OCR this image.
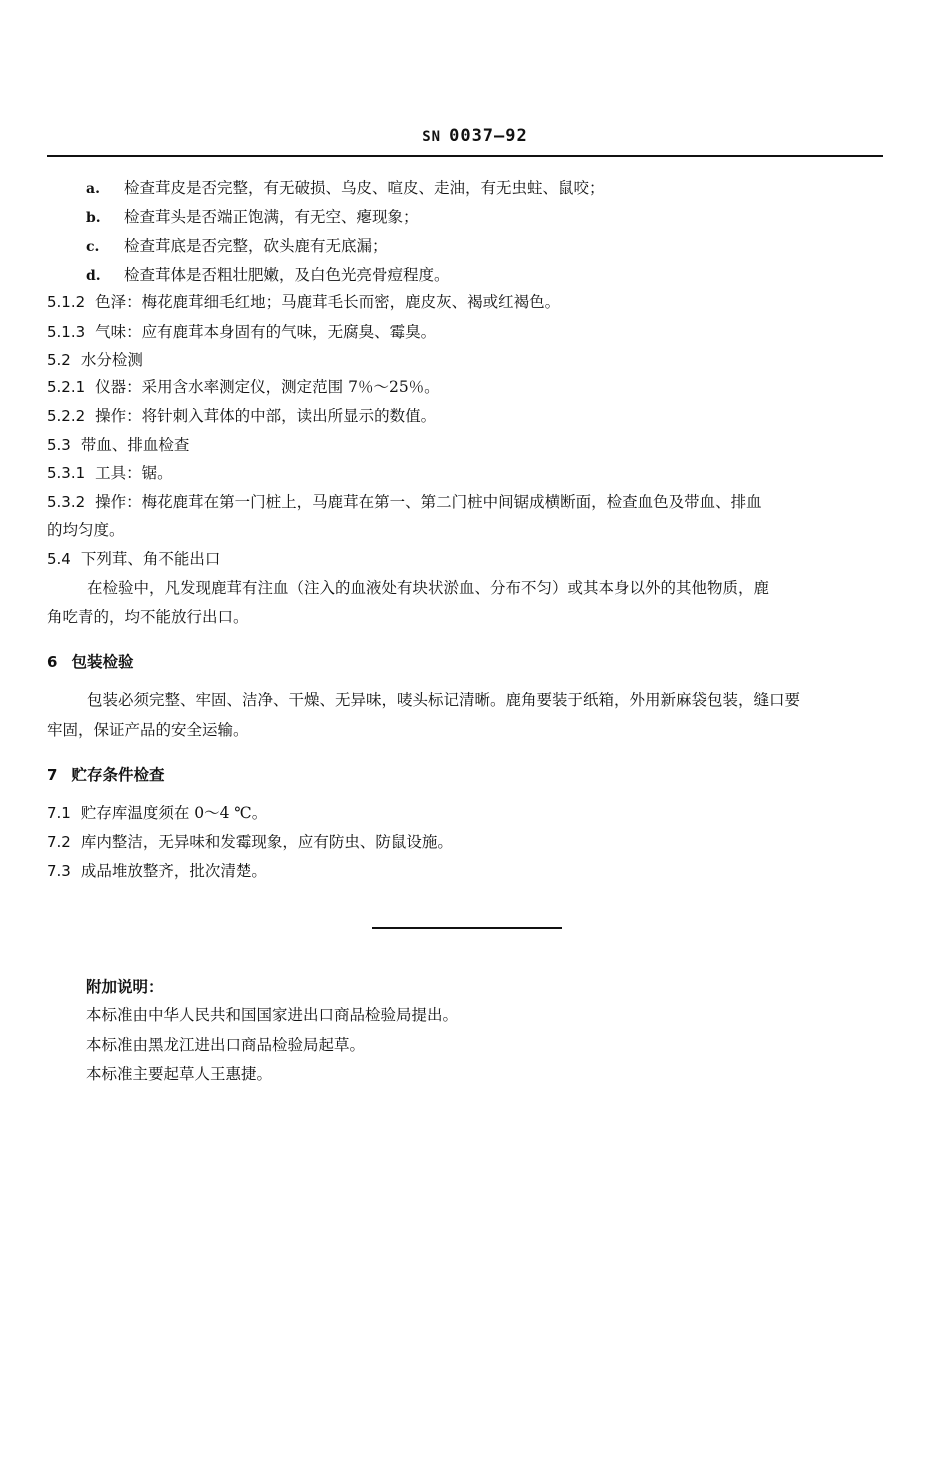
SN 0037—92
a. 检查茸皮是否完整，有无破损、乌皮、喧皮、走油，有无虫蛀、鼠咬；
b. 检查茸头是否端正饱满，有无空、瘪现象；
c. 检查茸底是否完整，砍头鹿有无底漏；
d. 检查茸体是否粗壮肥嫩，及白色光亮骨痘程度。
5.1.2 色泽：梅花鹿茸细毛红地；马鹿茸毛长而密，鹿皮灰、褐或红褐色。
5.1.3 气味：应有鹿茸本身固有的气味，无腐臭、霉臭。
5.2 水分检测
5.2.1 仪器：采用含水率测定仪，测定范围 7％～25％。
5.2.2 操作：将针刺入茸体的中部，读出所显示的数值。
5.3 带血、排血检查
5.3.1 工具：锯。
5.3.2 操作：梅花鹿茸在第一门桩上，马鹿茸在第一、第二门桩中间锯成横断面，检查血色及带血、排血
的均匀度。
5.4 下列茸、角不能出口
在检验中，凡发现鹿茸有注血（注入的血液处有块状淤血、分布不匀）或其本身以外的其他物质，鹿
角吃青的，均不能放行出口。
6 包装检验
包装必须完整、牢固、洁净、干燥、无异味，唛头标记清晰。鹿角要装于纸箱，外用新麻袋包装，缝口要
牢固，保证产品的安全运输。
7 贮存条件检查
7.1 贮存库温度须在 0～4 ℃。
7.2 库内整洁，无异味和发霉现象，应有防虫、防鼠设施。
7.3 成品堆放整齐，批次清楚。
附加说明：
本标准由中华人民共和国国家进出口商品检验局提出。
本标准由黑龙江进出口商品检验局起草。
本标准主要起草人王惠捷。
